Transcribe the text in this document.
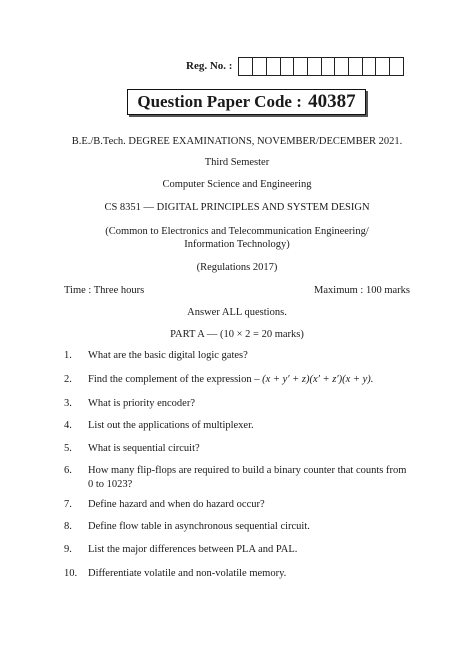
Reg. No. :
Question Paper Code :
40387
B.E./B.Tech. DEGREE EXAMINATIONS, NOVEMBER/DECEMBER 2021.
Third Semester
Computer Science and Engineering
CS 8351 — DIGITAL PRINCIPLES AND SYSTEM DESIGN
(Common to Electronics and Telecommunication Engineering/
Information Technology)
(Regulations 2017)
Time : Three hours	Maximum : 100 marks
Answer ALL questions.
PART A — (10 × 2 = 20 marks)
1. What are the basic digital logic gates?
2. Find the complement of the expression – (x + y′ + z)(x′ + z′)(x + y).
3. What is priority encoder?
4. List out the applications of multiplexer.
5. What is sequential circuit?
6. How many flip-flops are required to build a binary counter that counts from 0 to 1023?
7. Define hazard and when do hazard occur?
8. Define flow table in asynchronous sequential circuit.
9. List the major differences between PLA and PAL.
10. Differentiate volatile and non-volatile memory.
